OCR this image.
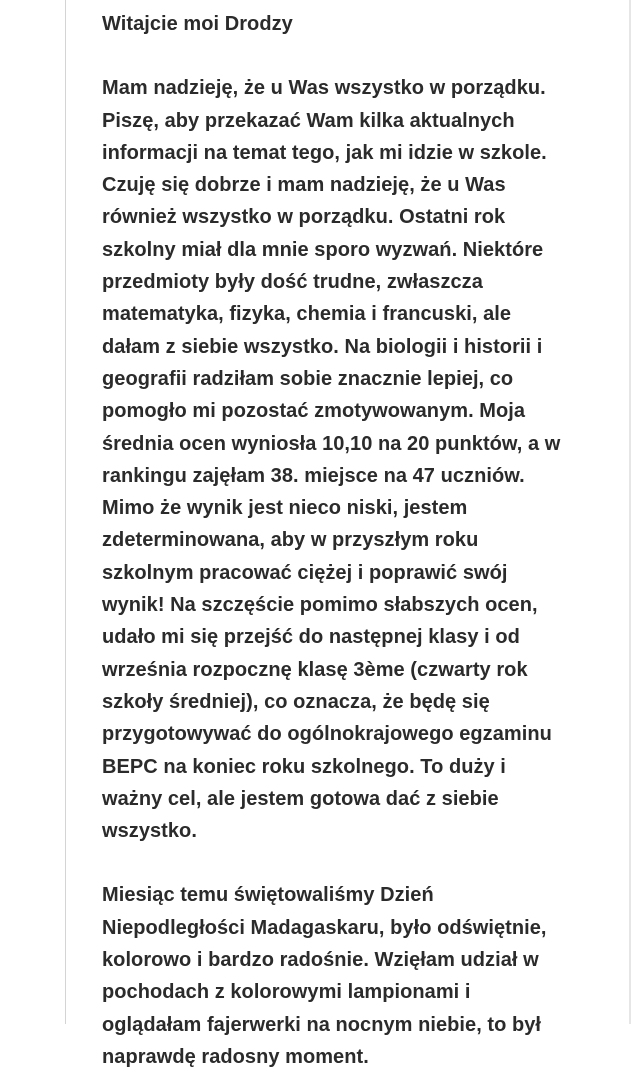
Witajcie moi Drodzy

Mam nadzieję, że u Was wszystko w porządku.

Piszę, aby przekazać Wam kilka aktualnych

informacji na temat tego, jak mi idzie w szkole.

Czuję się dobrze i mam nadzieję, że u Was

również wszystko w porządku. Ostatni rok

szkolny miał dla mnie sporo wyzwań. Niektóre

przedmioty były dość trudne, zwłaszcza

matematyka, fizyka, chemia i francuski, ale

dałam z siebie wszystko. Na biologii i historii i

geografii radziłam sobie znacznie lepiej, co

pomogło mi pozostać zmotywowanym. Moja

średnia ocen wyniosła 10,10 na 20 punktów, a w

rankingu zajęłam 38. miejsce na 47 uczniów.

Mimo że wynik jest nieco niski, jestem

zdeterminowana, aby w przyszłym roku

szkolnym pracować ciężej i poprawić swój

wynik! Na szczęście pomimo słabszych ocen,

udało mi się przejść do następnej klasy i od

września rozpocznę klasę 3ème (czwarty rok

szkoły średniej), co oznacza, że będę się

przygotowywać do ogólnokrajowego egzaminu

BEPC na koniec roku szkolnego. To duży i

ważny cel, ale jestem gotowa dać z siebie

wszystko.

Miesiąc temu świętowaliśmy Dzień

Niepodległości Madagaskaru, było odświętnie,

kolorowo i bardzo radośnie. Wzięłam udział w

pochodach z kolorowymi lampionami i

oglądałam fajerwerki na nocnym niebie, to był

naprawdę radosny moment.
